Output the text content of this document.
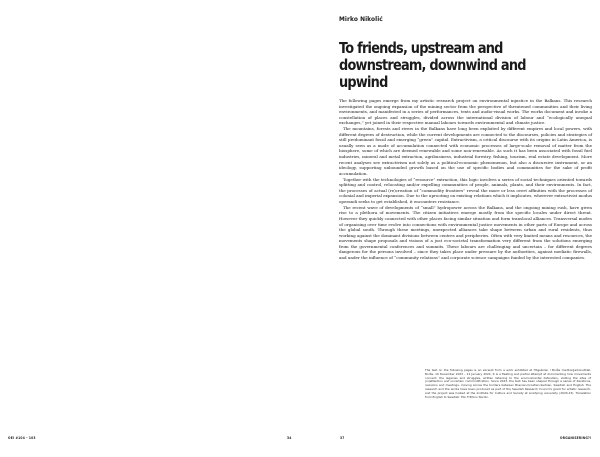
Mirko Nikolić
To friends, upstream and downstream, downwind and upwind

The following pages emerge from my artistic research project on environmental injustice in the Balkans. This research investigated the ongoing expansion of the mining sector from the perspective of threatened communities and their living environments, and manifested in a series of performances, texts and audio-visual works. The works document and invoke a constellation of places and struggles, divided across the international division of labour and “ecologically unequal exchanges,” yet joined in their respective manual labours towards environmental and climate justice.

The mountains, forests and rivers in the Balkans have long been exploited by different empires and local powers, with different degrees of destruction, while the current developments are connected to the discourses, policies and strategies of still predominant fossil and emerging “green” capital. Extractivism, a critical discourse with its origins in Latin America, is usually seen as a mode of accumulation connected with economic processes of large-scale removal of matter from the biosphere, some of which are deemed renewable and some non-renewable. As such it has been associated with fossil fuel industries, mineral and metal extraction, agribusiness, industrial forestry, fishing, tourism, real estate development. More recent analyses see extractivism not solely as a political-economic phenomenon, but also a discursive instrument, or an ideology, supporting unbounded growth based on the use of specific bodies and communities for the sake of profit accumulation.

Together with the technologies of “resource” extraction, this logic involves a series of social techniques oriented towards splitting and control, relocating and/or expelling communities of people, animals, plants, and their environments. In fact, the processes of actual (re)creation of “commodity frontiers” reveal the more or less overt affinities with the processes of colonial and imperial expansion. Due to the uprooting on existing relations which it implicates, wherever extractivist modus operandi seeks to get established, it encounters resistance.

The recent wave of developments of “small” hydropower across the Balkans, and the ongoing mining rush, have given rise to a plethora of movements. The citizen initiatives emerge mostly from the specific locales under direct threat. However they quickly connected with other places facing similar situation and form translocal alliances. Transversal modes of organising over time evolve into connections with environmental justice movements in other parts of Europe and across the global south. Through these meetings, unexpected alliances take shape between urban and rural residents, thus working against the dominant divisions between centres and peripheries. Often with very limited means and resources, the movements shape proposals and visions of a just eco-societal transformation very different from the solutions emerging from the governmental conferences and summits. These labours are challenging and uncertain – for different degrees dangerous for the persons involved – since they takes place under pressure by the authorities, against mediatic firewalls, and under the influence of “community relations” and corporate science campaigns funded by the interested companies.

The text on the following pages is an excerpt from a work exhibited at Högskolan i Borås medborgarkonsthall, Borås, 19 December 2023 – 21 January 2024. It is a fleeting and partial attempt at documenting how movements connect, the legacies and struggles, written listening to the environmental defenders, visiting the sites of (in)attention and uncertain commodification. Since 2023, the text has been shaped through a series of iterations, revisions and meetings, moving across the borders between Bosnian-Croatian-Serbian, Swedish and English. The research and the works have been produced as part of the Swedish Research Council’s grant for artistic research, and the project was hosted at the Institute for Culture and Society at Linköping university (2020-23). Translation from English to Swedish: Elin Frithiov Nordin.
OEI #104 - 103	34	37	ORGANISERING?!
